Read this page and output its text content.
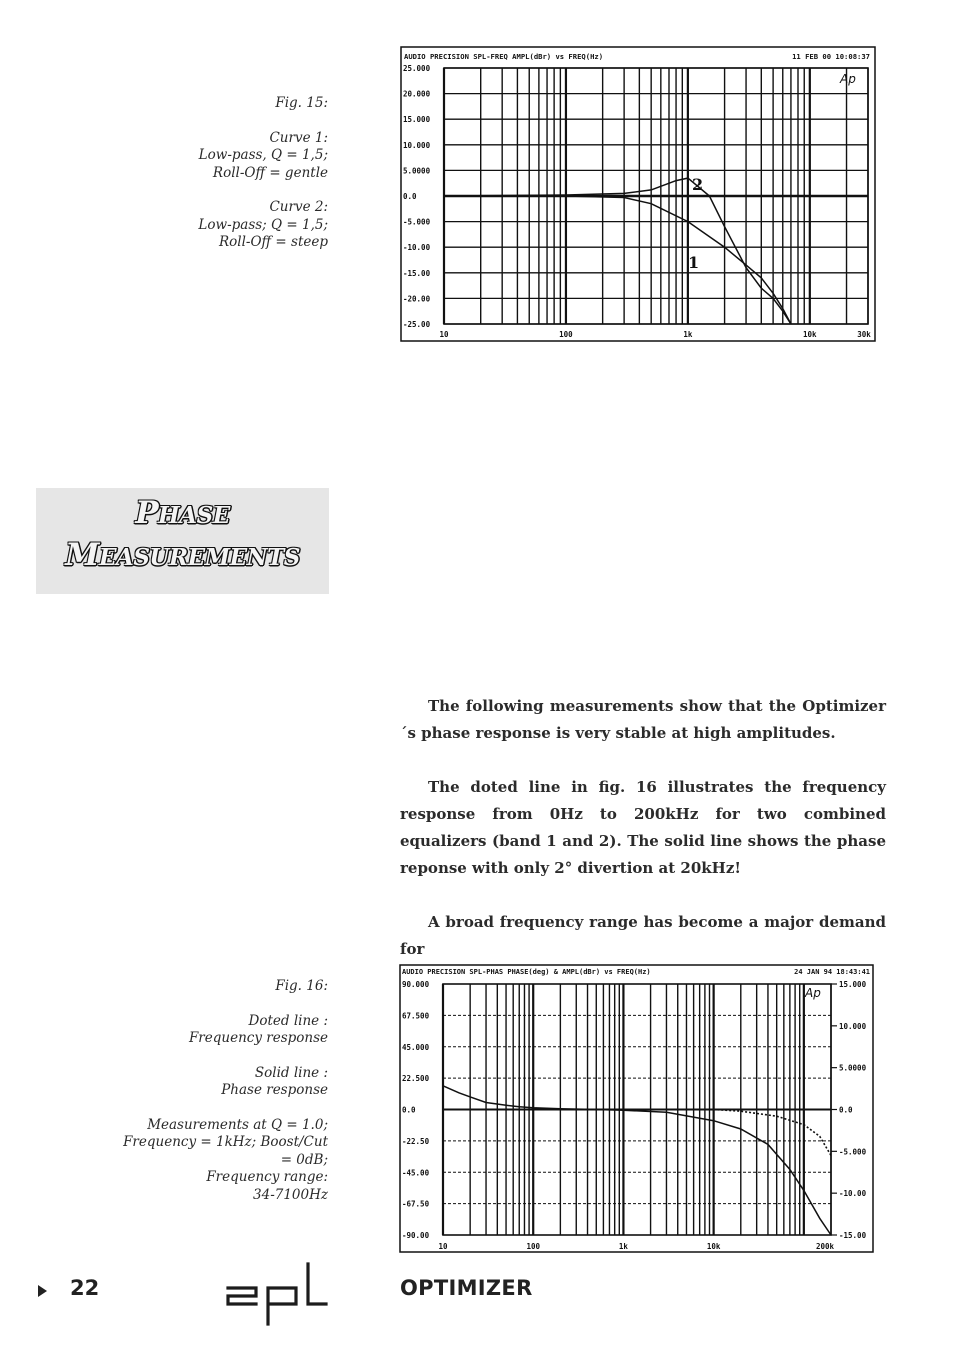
Fig. 15:

Curve 1:
Low-pass, Q = 1,5;
Roll-Off = gentle

Curve 2:
Low-pass; Q = 1,5;
Roll-Off = steep

AUDIO PRECISION SPL-FREQ AMPL(dBr) vs FREQ(Hz)	11 FEB 00 10:08:37
Ap
25.000
20.000
15.000
10.000
5.0000
0.0
-5.000
-10.00
-15.00
-20.00
-25.00
10	100	1k	10k	30k
1
2
PHASE
MEASUREMENTS

The following measurements show that the Optimizer´s phase response is very stable at high amplitudes.

The doted line in fig. 16 illustrates the frequency response from 0Hz to 200kHz for two combined equalizers (band 1 and 2). The solid line shows the phase reponse with only 2° divertion at 20kHz!

A broad frequency range has become a major demand for

Fig. 16:

Doted line :
Frequency response

Solid line :
Phase response

Measurements at Q = 1.0;
Frequency = 1kHz; Boost/Cut
= 0dB;
Frequency range:
34-7100Hz

AUDIO PRECISION SPL-PHAS PHASE(deg) & AMPL(dBr) vs FREQ(Hz)	24 JAN 94 18:43:41
Ap
90.000
67.500
45.000
22.500
0.0
-22.50
-45.00
-67.50
-90.00
15.000
10.000
5.0000
0.0
-5.000
-10.00
-15.00
10	100	1k	10k	200k
22	OPTIMIZER
